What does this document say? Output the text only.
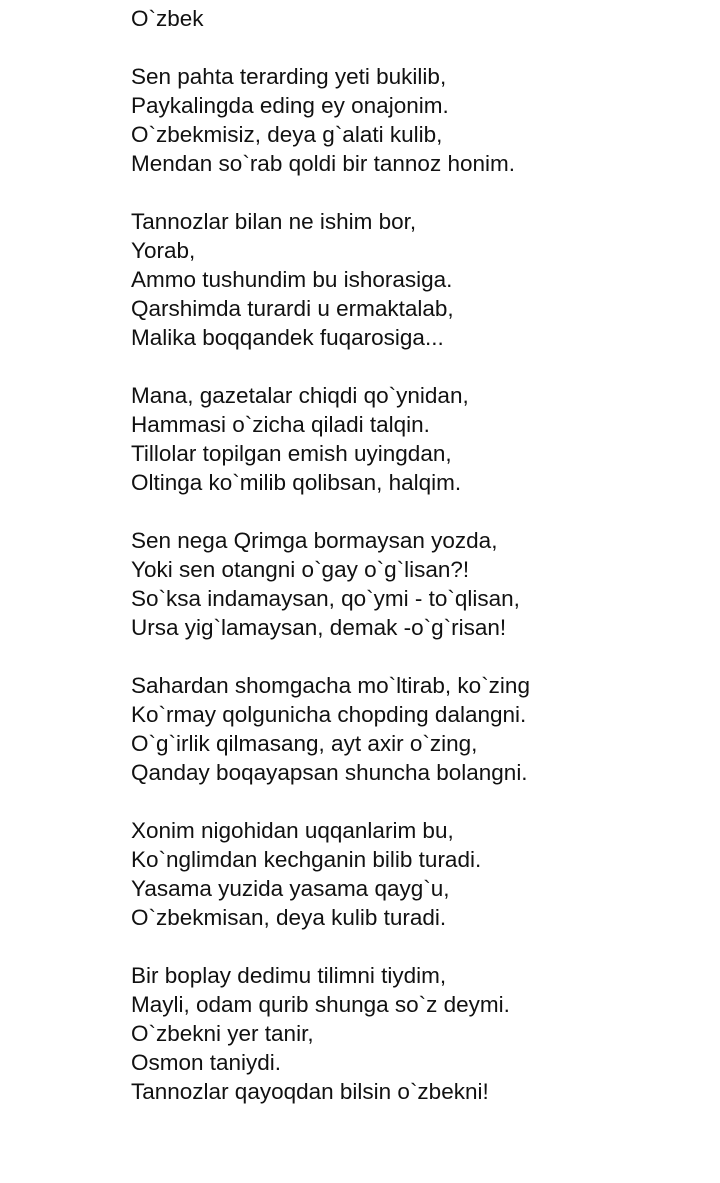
O`zbek
Sen pahta terarding yeti bukilib,
Paykalingda eding ey onajonim.
O`zbekmisiz, deya g`alati kulib,
Mendan so`rab qoldi bir tannoz honim.
Tannozlar bilan ne ishim bor,
Yorab,
Ammo tushundim bu ishorasiga.
Qarshimda turardi u ermaktalab,
Malika boqqandek fuqarosiga...
Mana, gazetalar chiqdi qo`ynidan,
Hammasi o`zicha qiladi talqin.
Tillolar topilgan emish uyingdan,
Oltinga ko`milib qolibsan, halqim.
Sen nega Qrimga bormaysan yozda,
Yoki sen otangni o`gay o`g`lisan?!
So`ksa indamaysan, qo`ymi - to`qlisan,
Ursa yig`lamaysan, demak -o`g`risan!
Sahardan shomgacha mo`ltirab, ko`zing
Ko`rmay qolgunicha chopding dalangni.
O`g`irlik qilmasang, ayt axir o`zing,
Qanday boqayapsan shuncha bolangni.
Xonim nigohidan uqqanlarim bu,
Ko`nglimdan kechganin bilib turadi.
Yasama yuzida yasama qayg`u,
O`zbekmisan, deya kulib turadi.
Bir boplay dedimu tilimni tiydim,
Mayli, odam qurib shunga so`z deymi.
O`zbekni yer tanir,
Osmon taniydi.
Tannozlar qayoqdan bilsin o`zbekni!
